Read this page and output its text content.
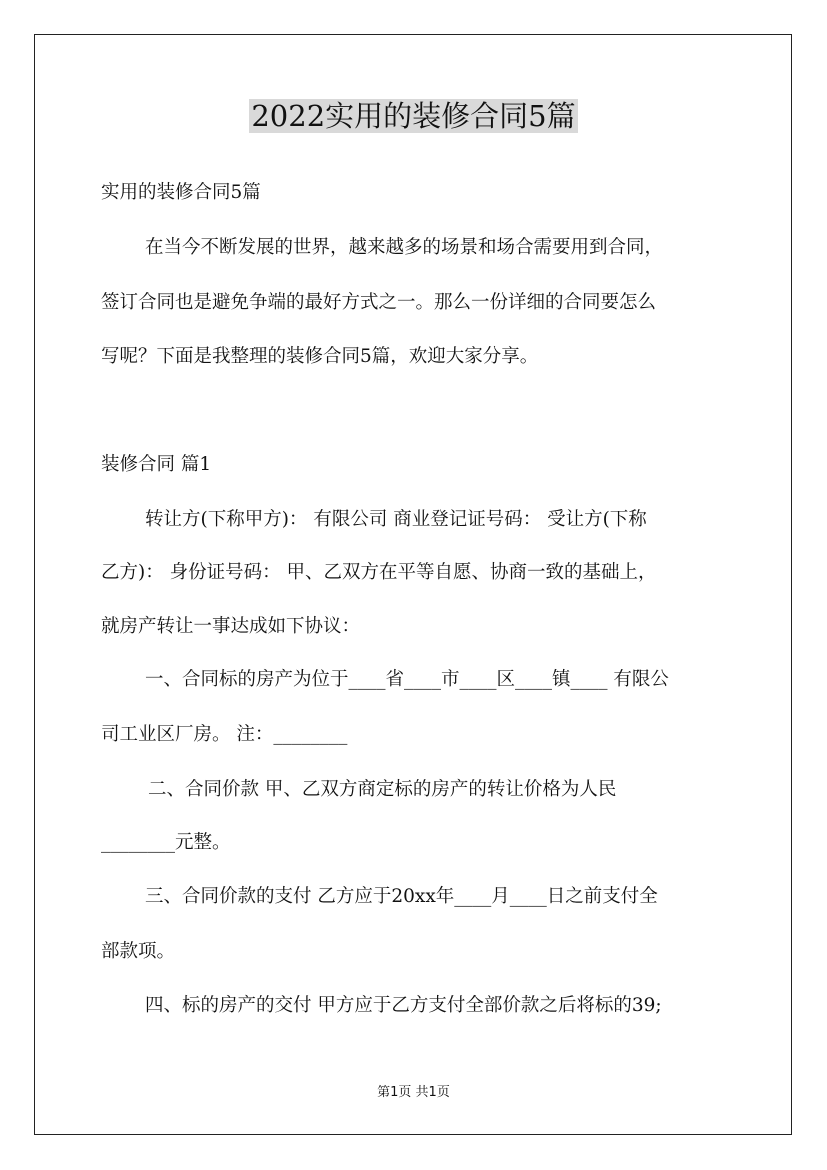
2022实用的装修合同5篇
实用的装修合同5篇
在当今不断发展的世界，越来越多的场景和场合需要用到合同，
签订合同也是避免争端的最好方式之一。那么一份详细的合同要怎么
写呢？下面是我整理的装修合同5篇，欢迎大家分享。
装修合同 篇1
转让方(下称甲方)： 有限公司 商业登记证号码： 受让方(下称
乙方)： 身份证号码： 甲、乙双方在平等自愿、协商一致的基础上，
就房产转让一事达成如下协议：
一、合同标的房产为位于____省____市____区____镇____ 有限公
司工业区厂房。 注：________
二、合同价款 甲、乙双方商定标的房产的转让价格为人民
________元整。
三、合同价款的支付 乙方应于20xx年____月____日之前支付全
部款项。
四、标的房产的交付 甲方应于乙方支付全部价款之后将标的39;
第1页 共1页
